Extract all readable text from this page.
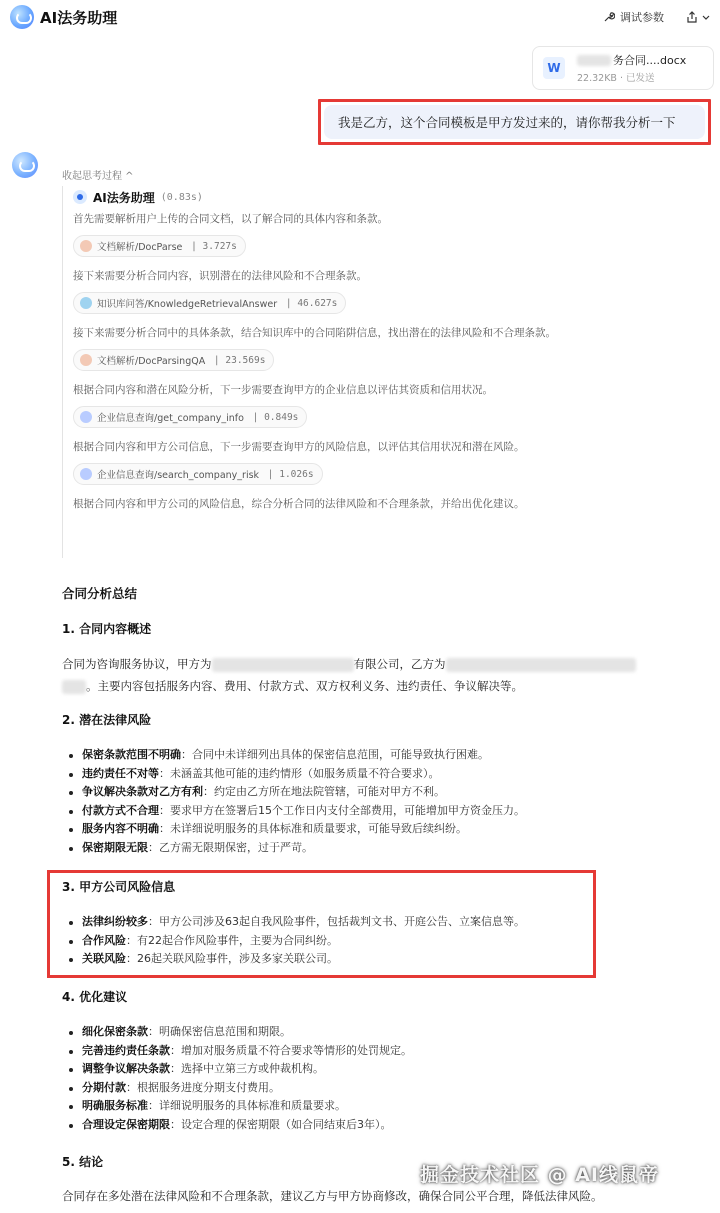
AI法务助理	调试参数
W
务合同....docx
22.32KB · 已发送
我是乙方，这个合同模板是甲方发过来的，请你帮我分析一下
收起思考过程 ^
AI法务助理 (0.83s)
首先需要解析用户上传的合同文档，以了解合同的具体内容和条款。
文档解析/DocParse | 3.727s
接下来需要分析合同内容，识别潜在的法律风险和不合理条款。
知识库问答/KnowledgeRetrievalAnswer | 46.627s
接下来需要分析合同中的具体条款，结合知识库中的合同陷阱信息，找出潜在的法律风险和不合理条款。
文档解析/DocParsingQA | 23.569s
根据合同内容和潜在风险分析，下一步需要查询甲方的企业信息以评估其资质和信用状况。
企业信息查询/get_company_info | 0.849s
根据合同内容和甲方公司信息，下一步需要查询甲方的风险信息，以评估其信用状况和潜在风险。
企业信息查询/search_company_risk | 1.026s
根据合同内容和甲方公司的风险信息，综合分析合同的法律风险和不合理条款，并给出优化建议。
合同分析总结
1. 合同内容概述
合同为咨询服务协议，甲方为	有限公司，乙方为
。主要内容包括服务内容、费用、付款方式、双方权利义务、违约责任、争议解决等。
2. 潜在法律风险
保密条款范围不明确：合同中未详细列出具体的保密信息范围，可能导致执行困难。
违约责任不对等：未涵盖其他可能的违约情形（如服务质量不符合要求）。
争议解决条款对乙方有利：约定由乙方所在地法院管辖，可能对甲方不利。
付款方式不合理：要求甲方在签署后15个工作日内支付全部费用，可能增加甲方资金压力。
服务内容不明确：未详细说明服务的具体标准和质量要求，可能导致后续纠纷。
保密期限无限：乙方需无限期保密，过于严苛。
3. 甲方公司风险信息
法律纠纷较多：甲方公司涉及63起自我风险事件，包括裁判文书、开庭公告、立案信息等。
合作风险：有22起合作风险事件，主要为合同纠纷。
关联风险：26起关联风险事件，涉及多家关联公司。
4. 优化建议
细化保密条款：明确保密信息范围和期限。
完善违约责任条款：增加对服务质量不符合要求等情形的处罚规定。
调整争议解决条款：选择中立第三方或仲裁机构。
分期付款：根据服务进度分期支付费用。
明确服务标准：详细说明服务的具体标准和质量要求。
合理设定保密期限：设定合理的保密期限（如合同结束后3年）。
5. 结论
合同存在多处潜在法律风险和不合理条款，建议乙方与甲方协商修改，确保合同公平合理，降低法律风险。
掘金技术社区 @ AI线鼠帝
